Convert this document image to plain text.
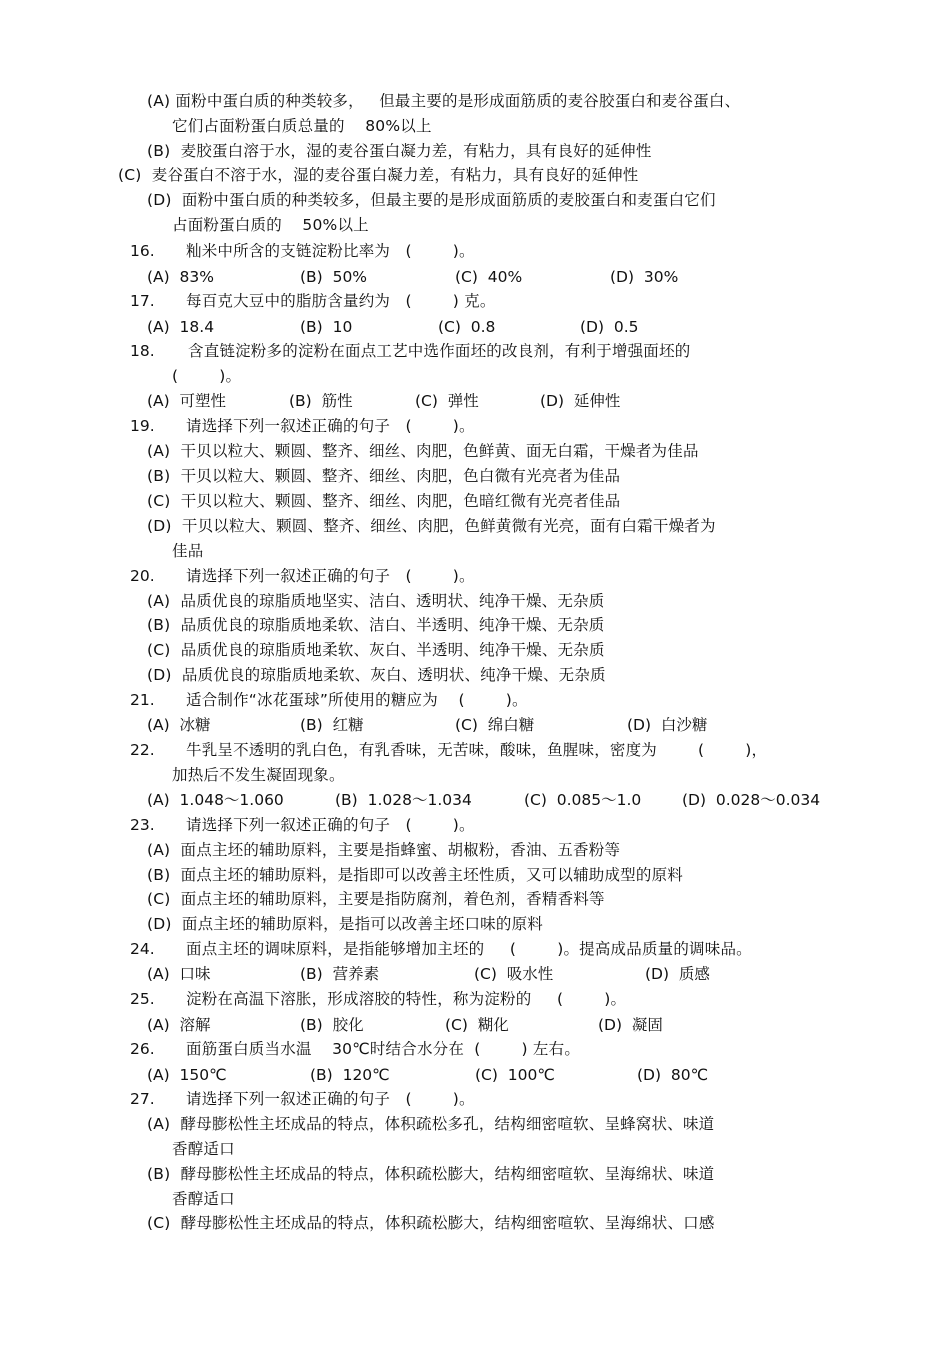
(A) 面粉中蛋白质的种类较多，   但最主要的是形成面筋质的麦谷胶蛋白和麦谷蛋白、
它们占面粉蛋白质总量的    80%以上
(B)  麦胶蛋白溶于水，湿的麦谷蛋白凝力差，有粘力，具有良好的延伸性
(C)  麦谷蛋白不溶于水，湿的麦谷蛋白凝力差，有粘力，具有良好的延伸性
(D)  面粉中蛋白质的种类较多，但最主要的是形成面筋质的麦胶蛋白和麦蛋白它们
占面粉蛋白质的    50%以上
16. 籼米中所含的支链淀粉比率为   (        )。
(A)  83%	(B)  50%	(C)  40%	(D)  30%
17. 每百克大豆中的脂肪含量约为   (        ) 克。
(A)  18.4	(B)  10	(C)  0.8	(D)  0.5
18. 含直链淀粉多的淀粉在面点工艺中选作面坯的改良剂，有利于增强面坯的
(        )。
(A)  可塑性	(B)  筋性	(C)  弹性	(D)  延伸性
19. 请选择下列一叙述正确的句子   (        )。
(A)  干贝以粒大、颗圆、整齐、细丝、肉肥，色鲜黄、面无白霜，干燥者为佳品
(B)  干贝以粒大、颗圆、整齐、细丝、肉肥，色白微有光亮者为佳品
(C)  干贝以粒大、颗圆、整齐、细丝、肉肥，色暗红微有光亮者佳品
(D)  干贝以粒大、颗圆、整齐、细丝、肉肥，色鲜黄微有光亮，面有白霜干燥者为
佳品
20. 请选择下列一叙述正确的句子   (        )。
(A)  品质优良的琼脂质地坚实、洁白、透明状、纯净干燥、无杂质
(B)  品质优良的琼脂质地柔软、洁白、半透明、纯净干燥、无杂质
(C)  品质优良的琼脂质地柔软、灰白、半透明、纯净干燥、无杂质
(D)  品质优良的琼脂质地柔软、灰白、透明状、纯净干燥、无杂质
21. 适合制作“冰花蛋球”所使用的糖应为    (        )。
(A)  冰糖	(B)  红糖	(C)  绵白糖	(D)  白沙糖
22. 牛乳呈不透明的乳白色，有乳香味，无苦味，酸味，鱼腥味，密度为        (        )，
加热后不发生凝固现象。
(A)  1.048～1.060	(B)  1.028～1.034	(C)  0.085～1.0	(D)  0.028～0.034
23. 请选择下列一叙述正确的句子   (        )。
(A)  面点主坯的辅助原料，主要是指蜂蜜、胡椒粉，香油、五香粉等
(B)  面点主坯的辅助原料，是指即可以改善主坯性质，又可以辅助成型的原料
(C)  面点主坯的辅助原料，主要是指防腐剂，着色剂，香精香料等
(D)  面点主坯的辅助原料，是指可以改善主坯口味的原料
24. 面点主坯的调味原料，是指能够增加主坯的     (        )。提高成品质量的调味品。
(A)  口味	(B)  营养素	(C)  吸水性	(D)  质感
25. 淀粉在高温下溶胀，形成溶胶的特性，称为淀粉的     (        )。
(A)  溶解	(B)  胶化	(C)  糊化	(D)  凝固
26. 面筋蛋白质当水温    30℃时结合水分在  (        ) 左右。
(A)  150℃	(B)  120℃	(C)  100℃	(D)  80℃
27. 请选择下列一叙述正确的句子   (        )。
(A)  酵母膨松性主坯成品的特点，体积疏松多孔，结构细密喧软、呈蜂窝状、味道
香醇适口
(B)  酵母膨松性主坯成品的特点，体积疏松膨大，结构细密喧软、呈海绵状、味道
香醇适口
(C)  酵母膨松性主坯成品的特点，体积疏松膨大，结构细密喧软、呈海绵状、口感
